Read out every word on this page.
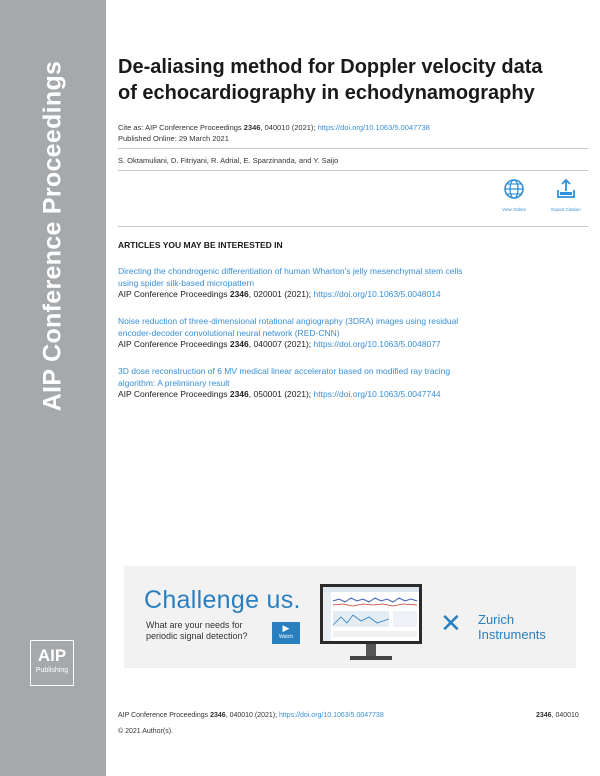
AIP Conference Proceedings
AIP
Publishing
De-aliasing method for Doppler velocity data
of echocardiography in echodynamography
Cite as: AIP Conference Proceedings 2346, 040010 (2021); https://doi.org/10.1063/5.0047738
Published Online: 29 March 2021
S. Oktamuliani, D. Fitriyani, R. Adrial, E. Sparzinanda, and Y. Saijo
View Online	Export Citation
ARTICLES YOU MAY BE INTERESTED IN
Directing the chondrogenic differentiation of human Wharton's jelly mesenchymal stem cells
using spider silk-based micropattern
AIP Conference Proceedings 2346, 020001 (2021); https://doi.org/10.1063/5.0048014
Noise reduction of three-dimensional rotational angiography (3DRA) images using residual
encoder-decoder convolutional neural network (RED-CNN)
AIP Conference Proceedings 2346, 040007 (2021); https://doi.org/10.1063/5.0048077
3D dose reconstruction of 6 MV medical linear accelerator based on modified ray tracing
algorithm: A preliminary result
AIP Conference Proceedings 2346, 050001 (2021); https://doi.org/10.1063/5.0047744
Challenge us.
What are your needs for
periodic signal detection?
▶
Watch	✕ Zurich
Instruments
AIP Conference Proceedings 2346, 040010 (2021); https://doi.org/10.1063/5.0047738	2346, 040010
© 2021 Author(s).
